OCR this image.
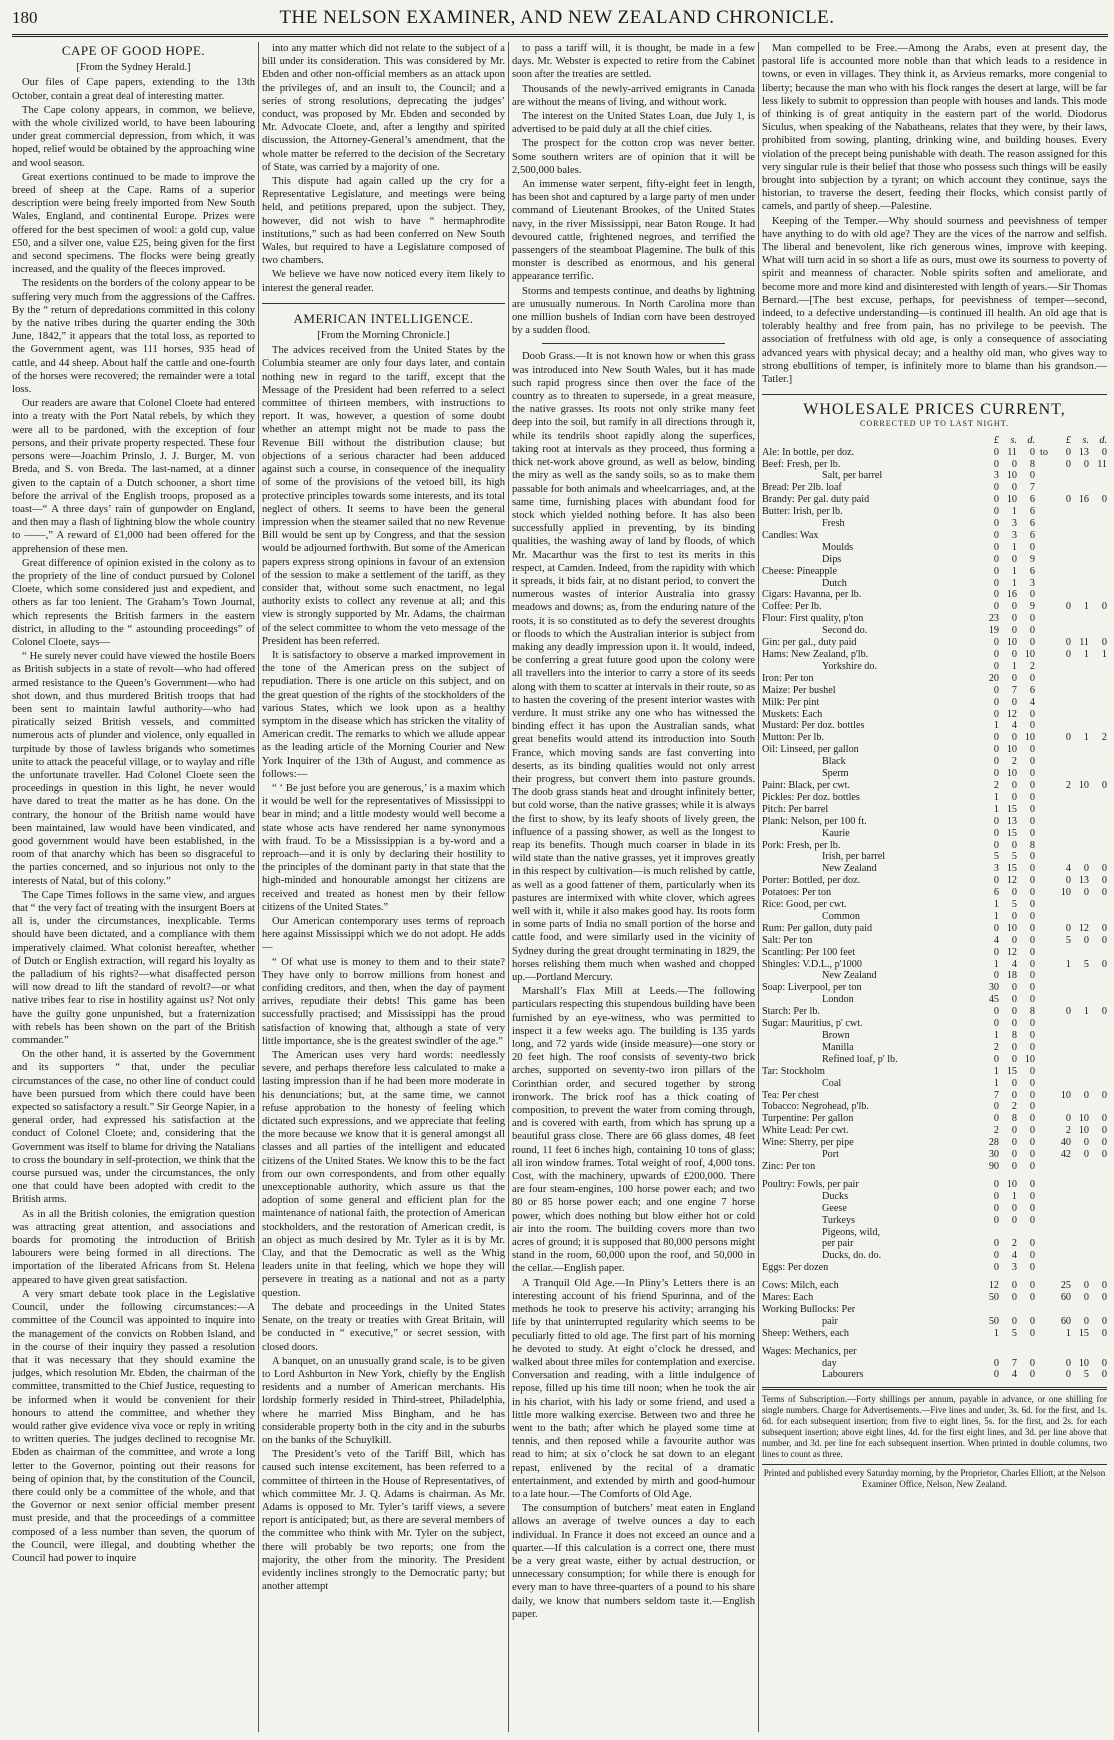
180	THE NELSON EXAMINER, AND NEW ZEALAND CHRONICLE.
CAPE OF GOOD HOPE.
[From the Sydney Herald.]

Our files of Cape papers, extending to the 13th October, contain a great deal of interesting matter.

The Cape colony appears, in common, we believe, with the whole civilized world, to have been labouring under great commercial depression, from which, it was hoped, relief would be obtained by the approaching wine and wool season.

Great exertions continued to be made to improve the breed of sheep at the Cape. Rams of a superior description were being freely imported from New South Wales, England, and continental Europe. Prizes were offered for the best specimen of wool: a gold cup, value £50, and a silver one, value £25, being given for the first and second specimens. The flocks were being greatly increased, and the quality of the fleeces improved.

The residents on the borders of the colony appear to be suffering very much from the aggressions of the Caffres. By the “ return of depredations committed in this colony by the native tribes during the quarter ending the 30th June, 1842,” it appears that the total loss, as reported to the Government agent, was 111 horses, 935 head of cattle, and 44 sheep. About half the cattle and one-fourth of the horses were recovered; the remainder were a total loss.

Our readers are aware that Colonel Cloete had entered into a treaty with the Port Natal rebels, by which they were all to be pardoned, with the exception of four persons, and their private property respected. These four persons were—Joachim Prinslo, J. J. Burger, M. von Breda, and S. von Breda. The last-named, at a dinner given to the captain of a Dutch schooner, a short time before the arrival of the English troops, proposed as a toast—“ A three days’ rain of gunpowder on England, and then may a flash of lightning blow the whole country to ——,” A reward of £1,000 had been offered for the apprehension of these men.

Great difference of opinion existed in the colony as to the propriety of the line of conduct pursued by Colonel Cloete, which some considered just and expedient, and others as far too lenient. The Graham’s Town Journal, which represents the British farmers in the eastern district, in alluding to the “ astounding proceedings” of Colonel Cloete, says—

“ He surely never could have viewed the hostile Boers as British subjects in a state of revolt—who had offered armed resistance to the Queen’s Government—who had shot down, and thus murdered British troops that had been sent to maintain lawful authority—who had piratically seized British vessels, and committed numerous acts of plunder and violence, only equalled in turpitude by those of lawless brigands who sometimes unite to attack the peaceful village, or to waylay and rifle the unfortunate traveller. Had Colonel Cloete seen the proceedings in question in this light, he never would have dared to treat the matter as he has done. On the contrary, the honour of the British name would have been maintained, law would have been vindicated, and good government would have been established, in the room of that anarchy which has been so disgraceful to the parties concerned, and so injurious not only to the interests of Natal, but of this colony.”

The Cape Times follows in the same view, and argues that “ the very fact of treating with the insurgent Boers at all is, under the circumstances, inexplicable. Terms should have been dictated, and a compliance with them imperatively claimed. What colonist hereafter, whether of Dutch or English extraction, will regard his loyalty as the palladium of his rights?—what disaffected person will now dread to lift the standard of revolt?—or what native tribes fear to rise in hostility against us? Not only have the guilty gone unpunished, but a fraternization with rebels has been shown on the part of the British commander.”

On the other hand, it is asserted by the Government and its supporters “ that, under the peculiar circumstances of the case, no other line of conduct could have been pursued from which there could have been expected so satisfactory a result.” Sir George Napier, in a general order, had expressed his satisfaction at the conduct of Colonel Cloete; and, considering that the Government was itself to blame for driving the Natalians to cross the boundary in self-protection, we think that the course pursued was, under the circumstances, the only one that could have been adopted with credit to the British arms.

As in all the British colonies, the emigration question was attracting great attention, and associations and boards for promoting the introduction of British labourers were being formed in all directions. The importation of the liberated Africans from St. Helena appeared to have given great satisfaction.

A very smart debate took place in the Legislative Council, under the following circumstances:—A committee of the Council was appointed to inquire into the management of the convicts on Robben Island, and in the course of their inquiry they passed a resolution that it was necessary that they should examine the judges, which resolution Mr. Ebden, the chairman of the committee, transmitted to the Chief Justice, requesting to be informed when it would be convenient for their honours to attend the committee, and whether they would rather give evidence viva voce or reply in writing to written queries. The judges declined to recognise Mr. Ebden as chairman of the committee, and wrote a long letter to the Governor, pointing out their reasons for being of opinion that, by the constitution of the Council, there could only be a committee of the whole, and that the Governor or next senior official member present must preside, and that the proceedings of a committee composed of a less number than seven, the quorum of the Council, were illegal, and doubting whether the Council had power to inquire

into any matter which did not relate to the subject of a bill under its consideration. This was considered by Mr. Ebden and other non-official members as an attack upon the privileges of, and an insult to, the Council; and a series of strong resolutions, deprecating the judges’ conduct, was proposed by Mr. Ebden and seconded by Mr. Advocate Cloete, and, after a lengthy and spirited discussion, the Attorney-General’s amendment, that the whole matter be referred to the decision of the Secretary of State, was carried by a majority of one.

This dispute had again called up the cry for a Representative Legislature, and meetings were being held, and petitions prepared, upon the subject. They, however, did not wish to have “ hermaphrodite institutions,” such as had been conferred on New South Wales, but required to have a Legislature composed of two chambers.

We believe we have now noticed every item likely to interest the general reader.

AMERICAN INTELLIGENCE.
[From the Morning Chronicle.]

The advices received from the United States by the Columbia steamer are only four days later, and contain nothing new in regard to the tariff, except that the Message of the President had been referred to a select committee of thirteen members, with instructions to report. It was, however, a question of some doubt whether an attempt might not be made to pass the Revenue Bill without the distribution clause; but objections of a serious character had been adduced against such a course, in consequence of the inequality of some of the provisions of the vetoed bill, its high protective principles towards some interests, and its total neglect of others. It seems to have been the general impression when the steamer sailed that no new Revenue Bill would be sent up by Congress, and that the session would be adjourned forthwith. But some of the American papers express strong opinions in favour of an extension of the session to make a settlement of the tariff, as they consider that, without some such enactment, no legal authority exists to collect any revenue at all; and this view is strongly supported by Mr. Adams, the chairman of the select committee to whom the veto message of the President has been referred.

It is satisfactory to observe a marked improvement in the tone of the American press on the subject of repudiation. There is one article on this subject, and on the great question of the rights of the stockholders of the various States, which we look upon as a healthy symptom in the disease which has stricken the vitality of American credit. The remarks to which we allude appear as the leading article of the Morning Courier and New York Inquirer of the 13th of August, and commence as follows:—

“ ‘ Be just before you are generous,’ is a maxim which it would be well for the representatives of Mississippi to bear in mind; and a little modesty would well become a state whose acts have rendered her name synonymous with fraud. To be a Mississippian is a by-word and a reproach—and it is only by declaring their hostility to the principles of the dominant party in that state that the high-minded and honourable amongst her citizens are received and treated as honest men by their fellow citizens of the United States.”

Our American contemporary uses terms of reproach here against Mississippi which we do not adopt. He adds—

“ Of what use is money to them and to their state? They have only to borrow millions from honest and confiding creditors, and then, when the day of payment arrives, repudiate their debts! This game has been successfully practised; and Mississippi has the proud satisfaction of knowing that, although a state of very little importance, she is the greatest swindler of the age.”

The American uses very hard words: needlessly severe, and perhaps therefore less calculated to make a lasting impression than if he had been more moderate in his denunciations; but, at the same time, we cannot refuse approbation to the honesty of feeling which dictated such expressions, and we appreciate that feeling the more because we know that it is general amongst all classes and all parties of the intelligent and educated citizens of the United States. We know this to be the fact from our own correspondents, and from other equally unexceptionable authority, which assure us that the adoption of some general and efficient plan for the maintenance of national faith, the protection of American stockholders, and the restoration of American credit, is an object as much desired by Mr. Tyler as it is by Mr. Clay, and that the Democratic as well as the Whig leaders unite in that feeling, which we hope they will persevere in treating as a national and not as a party question.

The debate and proceedings in the United States Senate, on the treaty or treaties with Great Britain, will be conducted in “ executive,” or secret session, with closed doors.

A banquet, on an unusually grand scale, is to be given to Lord Ashburton in New York, chiefly by the English residents and a number of American merchants. His lordship formerly resided in Third-street, Philadelphia, where he married Miss Bingham, and he has considerable property both in the city and in the suburbs on the banks of the Schuylkill.

The President’s veto of the Tariff Bill, which has caused such intense excitement, has been referred to a committee of thirteen in the House of Representatives, of which committee Mr. J. Q. Adams is chairman. As Mr. Adams is opposed to Mr. Tyler’s tariff views, a severe report is anticipated; but, as there are several members of the committee who think with Mr. Tyler on the subject, there will probably be two reports; one from the majority, the other from the minority. The President evidently inclines strongly to the Democratic party; but another attempt

to pass a tariff will, it is thought, be made in a few days. Mr. Webster is expected to retire from the Cabinet soon after the treaties are settled.

Thousands of the newly-arrived emigrants in Canada are without the means of living, and without work.

The interest on the United States Loan, due July 1, is advertised to be paid duly at all the chief cities.

The prospect for the cotton crop was never better. Some southern writers are of opinion that it will be 2,500,000 bales.

An immense water serpent, fifty-eight feet in length, has been shot and captured by a large party of men under command of Lieutenant Brookes, of the United States navy, in the river Mississippi, near Baton Rouge. It had devoured cattle, frightened negroes, and terrified the passengers of the steamboat Plagemine. The bulk of this monster is described as enormous, and his general appearance terrific.

Storms and tempests continue, and deaths by lightning are unusually numerous. In North Carolina more than one million bushels of Indian corn have been destroyed by a sudden flood.

Doob Grass.—It is not known how or when this grass was introduced into New South Wales, but it has made such rapid progress since then over the face of the country as to threaten to supersede, in a great measure, the native grasses. Its roots not only strike many feet deep into the soil, but ramify in all directions through it, while its tendrils shoot rapidly along the superfices, taking root at intervals as they proceed, thus forming a thick net-work above ground, as well as below, binding the miry as well as the sandy soils, so as to make them passable for both animals and wheelcarriages, and, at the same time, furnishing places with abundant food for stock which yielded nothing before. It has also been successfully applied in preventing, by its binding qualities, the washing away of land by floods, of which Mr. Macarthur was the first to test its merits in this respect, at Camden. Indeed, from the rapidity with which it spreads, it bids fair, at no distant period, to convert the numerous wastes of interior Australia into grassy meadows and downs; as, from the enduring nature of the roots, it is so constituted as to defy the severest droughts or floods to which the Australian interior is subject from making any deadly impression upon it. It would, indeed, be conferring a great future good upon the colony were all travellers into the interior to carry a store of its seeds along with them to scatter at intervals in their route, so as to hasten the covering of the present interior wastes with verdure. It must strike any one who has witnessed the binding effect it has upon the Australian sands, what great benefits would attend its introduction into South France, which moving sands are fast converting into deserts, as its binding qualities would not only arrest their progress, but convert them into pasture grounds. The doob grass stands heat and drought infinitely better, but cold worse, than the native grasses; while it is always the first to show, by its leafy shoots of lively green, the influence of a passing shower, as well as the longest to reap its benefits. Though much coarser in blade in its wild state than the native grasses, yet it improves greatly in this respect by cultivation—is much relished by cattle, as well as a good fattener of them, particularly when its pastures are intermixed with white clover, which agrees well with it, while it also makes good hay. Its roots form in some parts of India no small portion of the horse and cattle food, and were similarly used in the vicinity of Sydney during the great drought terminating in 1829, the horses relishing them much when washed and chopped up.—Portland Mercury.

Marshall’s Flax Mill at Leeds.—The following particulars respecting this stupendous building have been furnished by an eye-witness, who was permitted to inspect it a few weeks ago. The building is 135 yards long, and 72 yards wide (inside measure)—one story or 20 feet high. The roof consists of seventy-two brick arches, supported on seventy-two iron pillars of the Corinthian order, and secured together by strong ironwork. The brick roof has a thick coating of composition, to prevent the water from coming through, and is covered with earth, from which has sprung up a beautiful grass close. There are 66 glass domes, 48 feet round, 11 feet 6 inches high, containing 10 tons of glass; all iron window frames. Total weight of roof, 4,000 tons. Cost, with the machinery, upwards of £200,000. There are four steam-engines, 100 horse power each; and two 80 or 85 horse power each; and one engine 7 horse power, which does nothing but blow either hot or cold air into the room. The building covers more than two acres of ground; it is supposed that 80,000 persons might stand in the room, 60,000 upon the roof, and 50,000 in the cellar.—English paper.

A Tranquil Old Age.—In Pliny’s Letters there is an interesting account of his friend Spurinna, and of the methods he took to preserve his activity; arranging his life by that uninterrupted regularity which seems to be peculiarly fitted to old age. The first part of his morning he devoted to study. At eight o’clock he dressed, and walked about three miles for contemplation and exercise. Conversation and reading, with a little indulgence of repose, filled up his time till noon; when he took the air in his chariot, with his lady or some friend, and used a little more walking exercise. Between two and three he went to the bath; after which he played some time at tennis, and then reposed while a favourite author was read to him; at six o’clock he sat down to an elegant repast, enlivened by the recital of a dramatic entertainment, and extended by mirth and good-humour to a late hour.—The Comforts of Old Age.

The consumption of butchers’ meat eaten in England allows an average of twelve ounces a day to each individual. In France it does not exceed an ounce and a quarter.—If this calculation is a correct one, there must be a very great waste, either by actual destruction, or unnecessary consumption; for while there is enough for every man to have three-quarters of a pound to his share daily, we know that numbers seldom taste it.—English paper.

Man compelled to be Free.—Among the Arabs, even at present day, the pastoral life is accounted more noble than that which leads to a residence in towns, or even in villages. They think it, as Arvieus remarks, more congenial to liberty; because the man who with his flock ranges the desert at large, will be far less likely to submit to oppression than people with houses and lands. This mode of thinking is of great antiquity in the eastern part of the world. Diodorus Siculus, when speaking of the Nabatheans, relates that they were, by their laws, prohibited from sowing, planting, drinking wine, and building houses. Every violation of the precept being punishable with death. The reason assigned for this very singular rule is their belief that those who possess such things will be easily brought into subjection by a tyrant; on which account they continue, says the historian, to traverse the desert, feeding their flocks, which consist partly of camels, and partly of sheep.—Palestine.

Keeping of the Temper.—Why should sourness and peevishness of temper have anything to do with old age? They are the vices of the narrow and selfish. The liberal and benevolent, like rich generous wines, improve with keeping. What will turn acid in so short a life as ours, must owe its sourness to poverty of spirit and meanness of character. Noble spirits soften and ameliorate, and become more and more kind and disinterested with length of years.—Sir Thomas Bernard.—[The best excuse, perhaps, for peevishness of temper—second, indeed, to a defective understanding—is continued ill health. An old age that is tolerably healthy and free from pain, has no privilege to be peevish. The association of fretfulness with old age, is only a consequence of associating advanced years with physical decay; and a healthy old man, who gives way to strong ebullitions of temper, is infinitely more to blame than his grandson.—Tatler.]

WHOLESALE PRICES CURRENT,
CORRECTED UP TO LAST NIGHT.
	£	s.	d.		£	s.	d.
Ale: In bottle, per doz.	0	11	0	to	0	13	0
Beef: Fresh, per lb.	0	0	8		0	0	11
Salt, per barrel	3	10	0				
Bread: Per 2lb. loaf	0	0	7				
Brandy: Per gal. duty paid	0	10	6		0	16	0
Butter: Irish, per lb.	0	1	6				
Fresh	0	3	6				
Candles: Wax	0	3	6				
Moulds	0	1	0				
Dips	0	0	9				
Cheese: Pineapple	0	1	6				
Dutch	0	1	3				
Cigars: Havanna, per lb.	0	16	0				
Coffee: Per lb.	0	0	9		0	1	0
Flour: First quality, p'ton	23	0	0				
Second do.	19	0	0				
Gin: per gal., duty paid	0	10	0		0	11	0
Hams: New Zealand, p'lb.	0	0	10		0	1	1
Yorkshire do.	0	1	2				
Iron: Per ton	20	0	0				
Maize: Per bushel	0	7	6				
Milk: Per pint	0	0	4				
Muskets: Each	0	12	0				
Mustard: Per doz. bottles	1	4	0				
Mutton: Per lb.	0	0	10		0	1	2
Oil: Linseed, per gallon	0	10	0				
Black	0	2	0				
Sperm	0	10	0				
Paint: Black, per cwt.	2	0	0		2	10	0
Pickles: Per doz. bottles	1	0	0				
Pitch: Per barrel	1	15	0				
Plank: Nelson, per 100 ft.	0	13	0				
Kaurie	0	15	0				
Pork: Fresh, per lb.	0	0	8				
Irish, per barrel	5	5	0				
New Zealand	3	15	0		4	0	0
Porter: Bottled, per doz.	0	12	0		0	13	0
Potatoes: Per ton	6	0	0		10	0	0
Rice: Good, per cwt.	1	5	0				
Common	1	0	0				
Rum: Per gallon, duty paid	0	10	0		0	12	0
Salt: Per ton	4	0	0		5	0	0
Scantling: Per 100 feet	0	12	0				
Shingles: V.D.L., p'1000	1	4	0		1	5	0
New Zealand	0	18	0				
Soap: Liverpool, per ton	30	0	0				
London	45	0	0				
Starch: Per lb.	0	0	8		0	1	0
Sugar: Mauritius, p' cwt.	0	0	0				
Brown	1	8	0				
Manilla	2	0	0				
Refined loaf, p' lb.	0	0	10				
Tar: Stockholm	1	15	0				
Coal	1	0	0				
Tea: Per chest	7	0	0		10	0	0
Tobacco: Negrohead, p'lb.	0	2	0				
Turpentine: Per gallon	0	8	0		0	10	0
White Lead: Per cwt.	2	0	0		2	10	0
Wine: Sherry, per pipe	28	0	0		40	0	0
Port	30	0	0		42	0	0
Zinc: Per ton	90	0	0				

Poultry: Fowls, per pair	0	10	0				
Ducks	0	1	0				
Geese	0	0	0				
Turkeys	0	0	0				
Pigeons, wild,							
per pair	0	2	0				
Ducks, do. do.	0	4	0				
Eggs: Per dozen	0	3	0				

Cows: Milch, each	12	0	0		25	0	0
Mares: Each	50	0	0		60	0	0
Working Bullocks: Per							
pair	50	0	0		60	0	0
Sheep: Wethers, each	1	5	0		1	15	0

Wages: Mechanics, per							
day	0	7	0		0	10	0
Labourers	0	4	0		0	5	0
Terms of Subscription.—Forty shillings per annum, payable in advance, or one shilling for single numbers. Charge for Advertisements.—Five lines and under, 3s. 6d. for the first, and 1s. 6d. for each subsequent insertion; from five to eight lines, 5s. for the first, and 2s. for each subsequent insertion; above eight lines, 4d. for the first eight lines, and 3d. per line above that number, and 3d. per line for each subsequent insertion. When printed in double columns, two lines to count as three.
Printed and published every Saturday morning, by the Proprietor, Charles Elliott, at the Nelson Examiner Office, Nelson, New Zealand.
